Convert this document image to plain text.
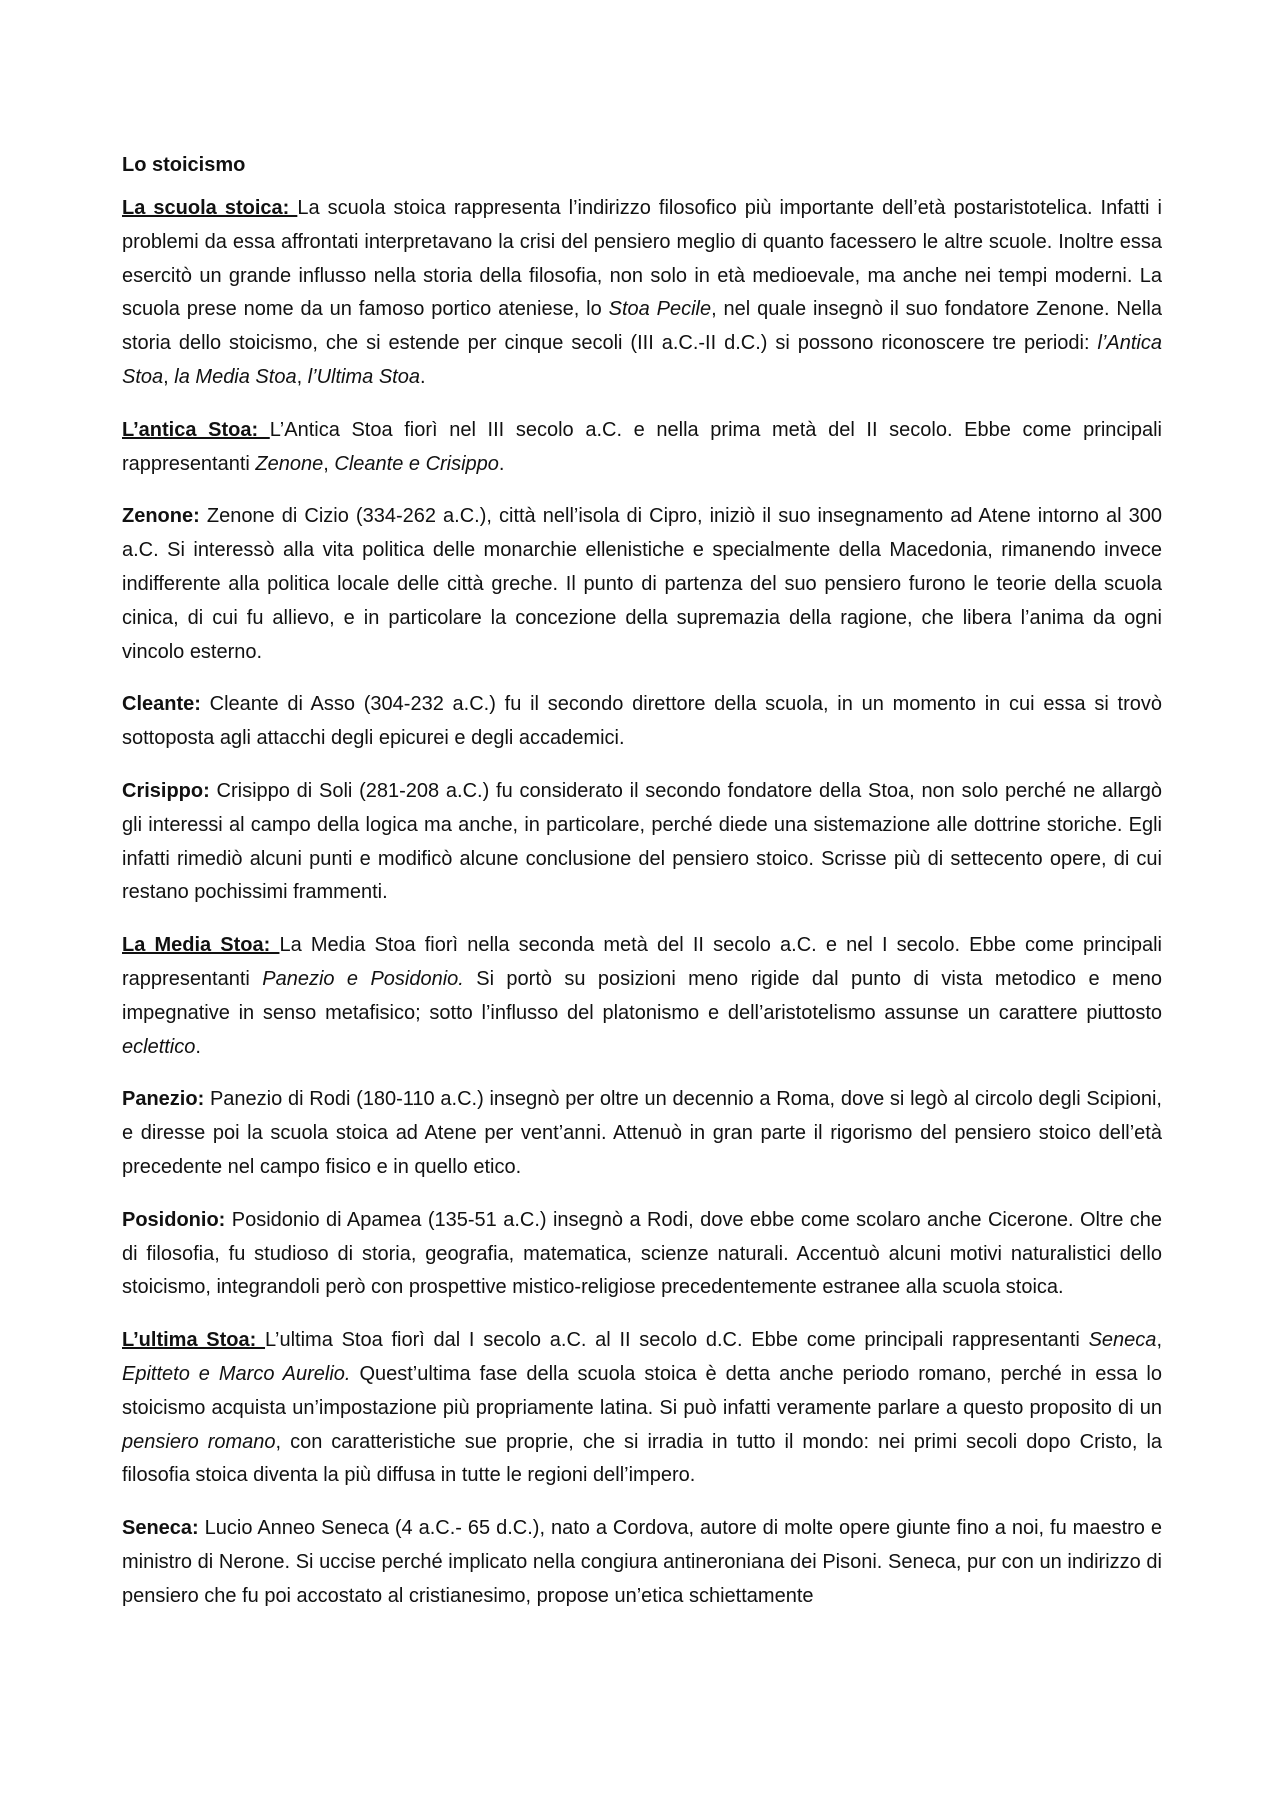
Lo stoicismo

La scuola stoica: La scuola stoica rappresenta l’indirizzo filosofico più importante dell’età postaristotelica. Infatti i problemi da essa affrontati interpretavano la crisi del pensiero meglio di quanto facessero le altre scuole. Inoltre essa esercitò un grande influsso nella storia della filosofia, non solo in età medioevale, ma anche nei tempi moderni. La scuola prese nome da un famoso portico ateniese, lo Stoa Pecile, nel quale insegnò il suo fondatore Zenone. Nella storia dello stoicismo, che si estende per cinque secoli (III a.C.-II d.C.) si possono riconoscere tre periodi: l’Antica Stoa, la Media Stoa, l’Ultima Stoa.

L’antica Stoa: L’Antica Stoa fiorì nel III secolo a.C. e nella prima metà del II secolo. Ebbe come principali rappresentanti Zenone, Cleante e Crisippo.

Zenone: Zenone di Cizio (334-262 a.C.), città nell’isola di Cipro, iniziò il suo insegnamento ad Atene intorno al 300 a.C. Si interessò alla vita politica delle monarchie ellenistiche e specialmente della Macedonia, rimanendo invece indifferente alla politica locale delle città greche. Il punto di partenza del suo pensiero furono le teorie della scuola cinica, di cui fu allievo, e in particolare la concezione della supremazia della ragione, che libera l’anima da ogni vincolo esterno.

Cleante: Cleante di Asso (304-232 a.C.) fu il secondo direttore della scuola, in un momento in cui essa si trovò sottoposta agli attacchi degli epicurei e degli accademici.

Crisippo: Crisippo di Soli (281-208 a.C.) fu considerato il secondo fondatore della Stoa, non solo perché ne allargò gli interessi al campo della logica ma anche, in particolare, perché diede una sistemazione alle dottrine storiche. Egli infatti rimediò alcuni punti e modificò alcune conclusione del pensiero stoico. Scrisse più di settecento opere, di cui restano pochissimi frammenti.

La Media Stoa: La Media Stoa fiorì nella seconda metà del II secolo a.C. e nel I secolo. Ebbe come principali rappresentanti Panezio e Posidonio. Si portò su posizioni meno rigide dal punto di vista metodico e meno impegnative in senso metafisico; sotto l’influsso del platonismo e dell’aristotelismo assunse un carattere piuttosto eclettico.

Panezio: Panezio di Rodi (180-110 a.C.) insegnò per oltre un decennio a Roma, dove si legò al circolo degli Scipioni, e diresse poi la scuola stoica ad Atene per vent’anni. Attenuò in gran parte il rigorismo del pensiero stoico dell’età precedente nel campo fisico e in quello etico.

Posidonio: Posidonio di Apamea (135-51 a.C.) insegnò a Rodi, dove ebbe come scolaro anche Cicerone. Oltre che di filosofia, fu studioso di storia, geografia, matematica, scienze naturali. Accentuò alcuni motivi naturalistici dello stoicismo, integrandoli però con prospettive mistico-religiose precedentemente estranee alla scuola stoica.

L’ultima Stoa: L’ultima Stoa fiorì dal I secolo a.C. al II secolo d.C. Ebbe come principali rappresentanti Seneca, Epitteto e Marco Aurelio. Quest’ultima fase della scuola stoica è detta anche periodo romano, perché in essa lo stoicismo acquista un’impostazione più propriamente latina. Si può infatti veramente parlare a questo proposito di un pensiero romano, con caratteristiche sue proprie, che si irradia in tutto il mondo: nei primi secoli dopo Cristo, la filosofia stoica diventa la più diffusa in tutte le regioni dell’impero.

Seneca: Lucio Anneo Seneca (4 a.C.- 65 d.C.), nato a Cordova, autore di molte opere giunte fino a noi, fu maestro e ministro di Nerone. Si uccise perché implicato nella congiura antineroniana dei Pisoni. Seneca, pur con un indirizzo di pensiero che fu poi accostato al cristianesimo, propose un’etica schiettamente
